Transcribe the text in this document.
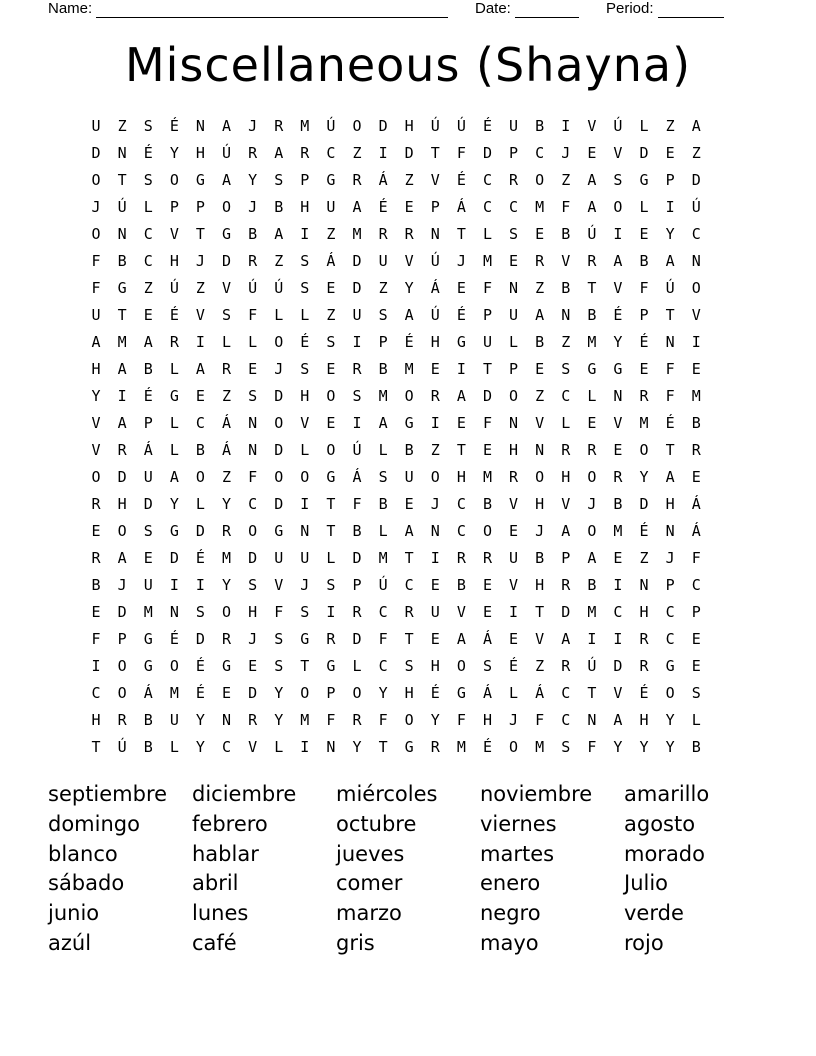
Name:	Date:	Period:
Miscellaneous (Shayna)
U	Z	S	É	N	A	J	R	M	Ú	O	D	H	Ú	Ú	É	U	B	I	V	Ú	L	Z	A
D	N	É	Y	H	Ú	R	A	R	C	Z	I	D	T	F	D	P	C	J	E	V	D	E	Z
O	T	S	O	G	A	Y	S	P	G	R	Á	Z	V	É	C	R	O	Z	A	S	G	P	D
J	Ú	L	P	P	O	J	B	H	U	A	É	E	P	Á	C	C	M	F	A	O	L	I	Ú
O	N	C	V	T	G	B	A	I	Z	M	R	R	N	T	L	S	E	B	Ú	I	E	Y	C
F	B	C	H	J	D	R	Z	S	Á	D	U	V	Ú	J	M	E	R	V	R	A	B	A	N
F	G	Z	Ú	Z	V	Ú	Ú	S	E	D	Z	Y	Á	E	F	N	Z	B	T	V	F	Ú	O
U	T	E	É	V	S	F	L	L	Z	U	S	A	Ú	É	P	U	A	N	B	É	P	T	V
A	M	A	R	I	L	L	O	É	S	I	P	É	H	G	U	L	B	Z	M	Y	É	N	I
H	A	B	L	A	R	E	J	S	E	R	B	M	E	I	T	P	E	S	G	G	E	F	E
Y	I	É	G	E	Z	S	D	H	O	S	M	O	R	A	D	O	Z	C	L	N	R	F	M
V	A	P	L	C	Á	N	O	V	E	I	A	G	I	E	F	N	V	L	E	V	M	É	B
V	R	Á	L	B	Á	N	D	L	O	Ú	L	B	Z	T	E	H	N	R	R	E	O	T	R
O	D	U	A	O	Z	F	O	O	G	Á	S	U	O	H	M	R	O	H	O	R	Y	A	E
R	H	D	Y	L	Y	C	D	I	T	F	B	E	J	C	B	V	H	V	J	B	D	H	Á
E	O	S	G	D	R	O	G	N	T	B	L	A	N	C	O	E	J	A	O	M	É	N	Á
R	A	E	D	É	M	D	U	U	L	D	M	T	I	R	R	U	B	P	A	E	Z	J	F
B	J	U	I	I	Y	S	V	J	S	P	Ú	C	E	B	E	V	H	R	B	I	N	P	C
E	D	M	N	S	O	H	F	S	I	R	C	R	U	V	E	I	T	D	M	C	H	C	P
F	P	G	É	D	R	J	S	G	R	D	F	T	E	A	Á	E	V	A	I	I	R	C	E
I	O	G	O	É	G	E	S	T	G	L	C	S	H	O	S	É	Z	R	Ú	D	R	G	E
C	O	Á	M	É	E	D	Y	O	P	O	Y	H	É	G	Á	L	Á	C	T	V	É	O	S
H	R	B	U	Y	N	R	Y	M	F	R	F	O	Y	F	H	J	F	C	N	A	H	Y	L
T	Ú	B	L	Y	C	V	L	I	N	Y	T	G	R	M	É	O	M	S	F	Y	Y	Y	B
septiembre	diciembre	miércoles	noviembre	amarillo
domingo	febrero	octubre	viernes	agosto
blanco	hablar	jueves	martes	morado
sábado	abril	comer	enero	Julio
junio	lunes	marzo	negro	verde
azúl	café	gris	mayo	rojo
